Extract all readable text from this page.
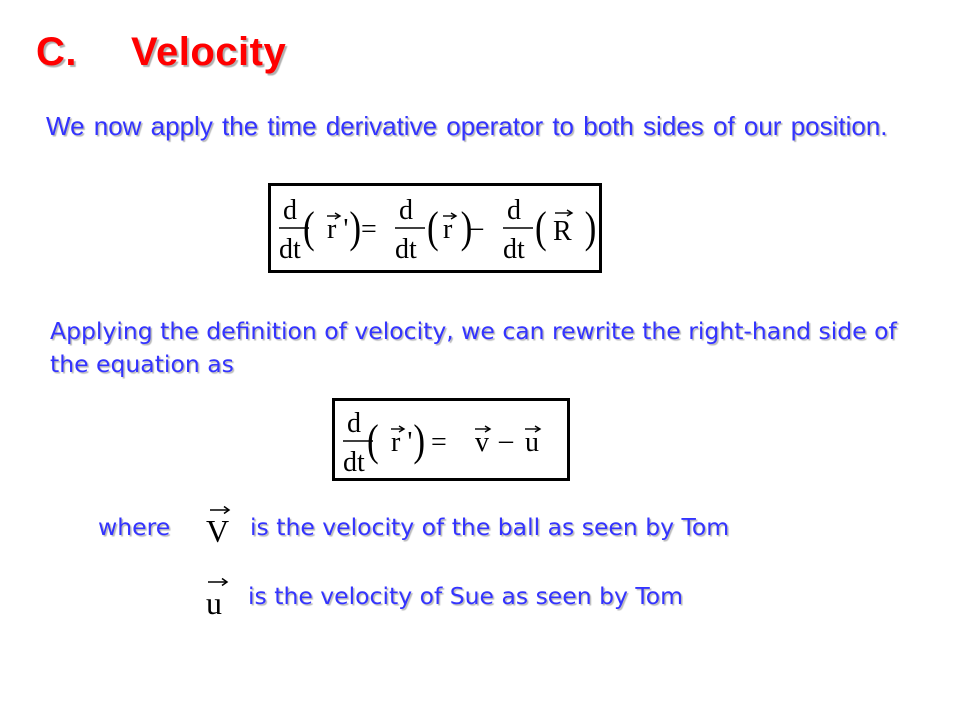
C. Velocity
We now apply the time derivative operator to both sides of our position.
d
dt ( r ' ) =
d
dt ( r )
–
d
dt ( R )
Applying the definition of velocity, we can rewrite the right-hand side of the equation as
d
dt ( r ' ) = v – u
where V is the velocity of the ball as seen by Tom
u is the velocity of Sue as seen by Tom
